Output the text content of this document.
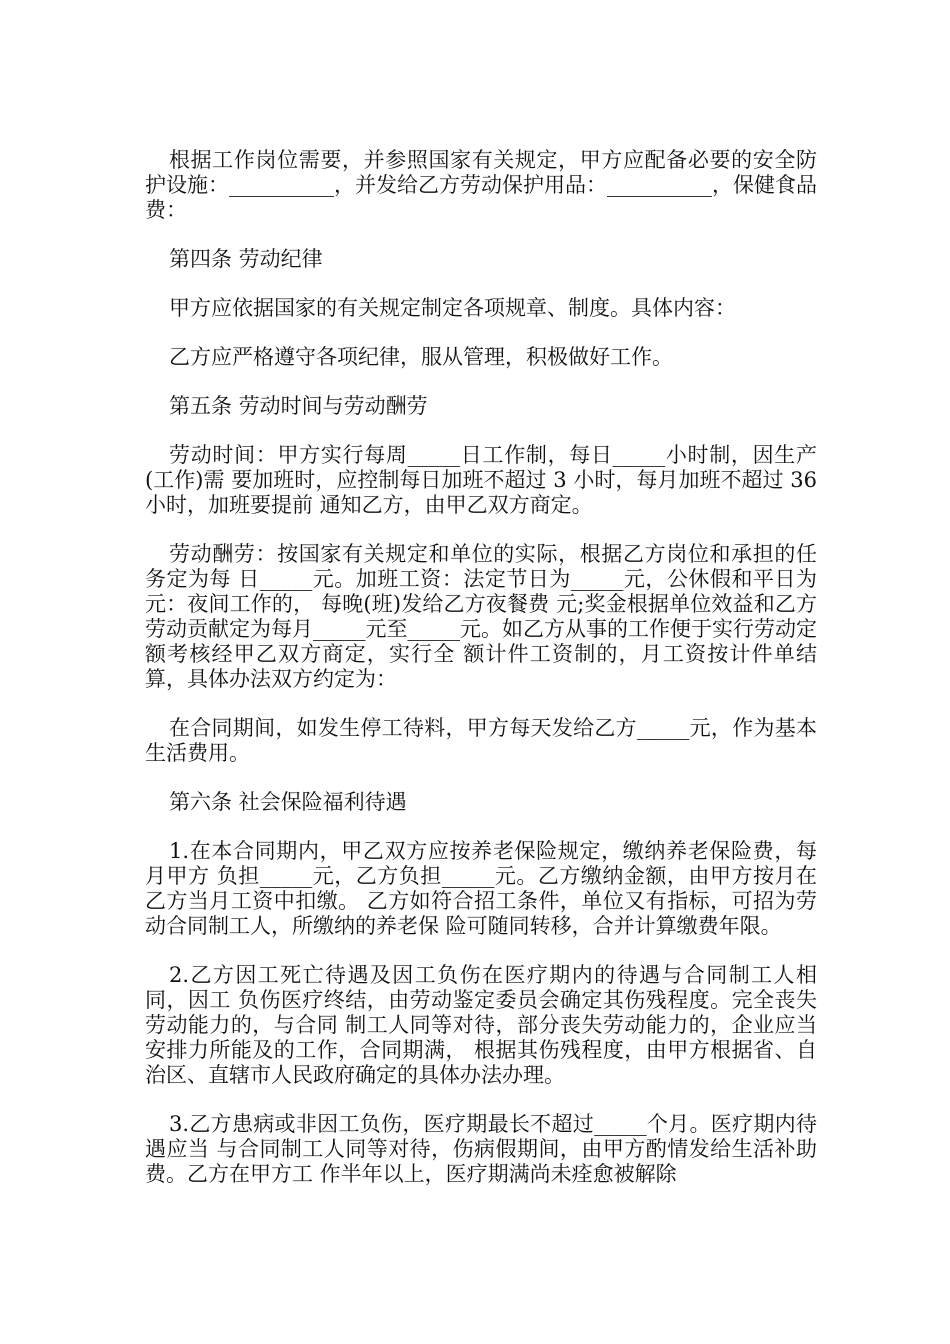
根据工作岗位需要，并参照国家有关规定，甲方应配备必要的安全防护设施：__________，并发给乙方劳动保护用品：__________，保健食品费：

第四条 劳动纪律

甲方应依据国家的有关规定制定各项规章、制度。具体内容：

乙方应严格遵守各项纪律，服从管理，积极做好工作。

第五条 劳动时间与劳动酬劳

劳动时间：甲方实行每周_____日工作制，每日_____小时制，因生产(工作)需 要加班时，应控制每日加班不超过 3 小时，每月加班不超过 36 小时，加班要提前 通知乙方，由甲乙双方商定。

劳动酬劳：按国家有关规定和单位的实际，根据乙方岗位和承担的任务定为每 日_____元。加班工资：法定节日为_____元，公休假和平日为 元：夜间工作的， 每晚(班)发给乙方夜餐费 元;奖金根据单位效益和乙方劳动贡献定为每月_____元至_____元。如乙方从事的工作便于实行劳动定额考核经甲乙双方商定，实行全 额计件工资制的，月工资按计件单结算，具体办法双方约定为：

在合同期间，如发生停工待料，甲方每天发给乙方_____元，作为基本生活费用。

第六条 社会保险福利待遇

1.在本合同期内，甲乙双方应按养老保险规定，缴纳养老保险费，每月甲方 负担_____元，乙方负担_____元。乙方缴纳金额，由甲方按月在乙方当月工资中扣缴。 乙方如符合招工条件，单位又有指标，可招为劳动合同制工人，所缴纳的养老保 险可随同转移，合并计算缴费年限。

2.乙方因工死亡待遇及因工负伤在医疗期内的待遇与合同制工人相同，因工 负伤医疗终结，由劳动鉴定委员会确定其伤残程度。完全丧失劳动能力的，与合同 制工人同等对待，部分丧失劳动能力的，企业应当安排力所能及的工作，合同期满， 根据其伤残程度，由甲方根据省、自治区、直辖市人民政府确定的具体办法办理。

3.乙方患病或非因工负伤，医疗期最长不超过_____个月。医疗期内待遇应当 与合同制工人同等对待，伤病假期间，由甲方酌情发给生活补助费。乙方在甲方工 作半年以上，医疗期满尚未痊愈被解除
